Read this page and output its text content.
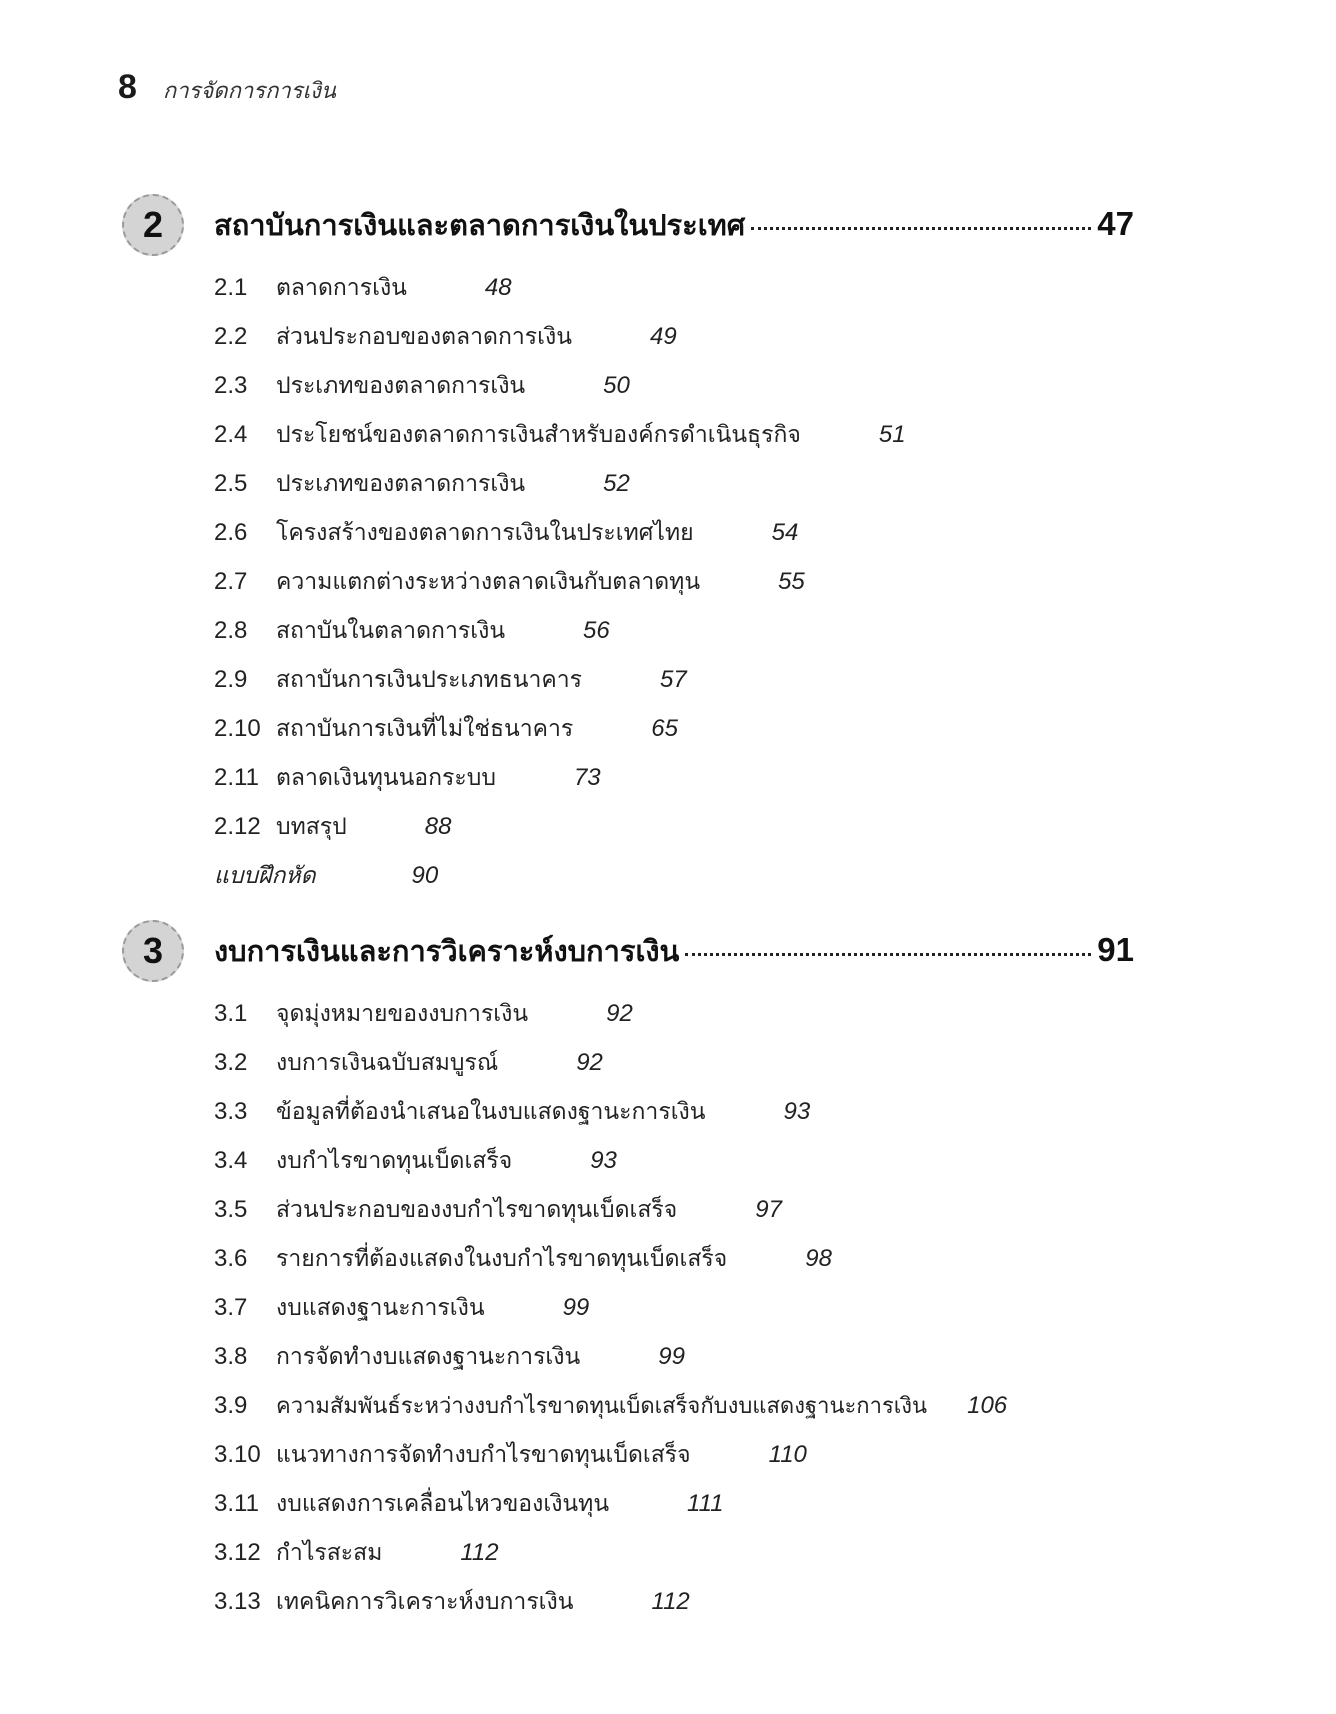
8 การจัดการการเงิน
2	สถาบันการเงินและตลาดการเงินในประเทศ	47
2.1	ตลาดการเงิน	48
2.2	ส่วนประกอบของตลาดการเงิน	49
2.3	ประเภทของตลาดการเงิน	50
2.4	ประโยชน์ของตลาดการเงินสำหรับองค์กรดำเนินธุรกิจ	51
2.5	ประเภทของตลาดการเงิน	52
2.6	โครงสร้างของตลาดการเงินในประเทศไทย	54
2.7	ความแตกต่างระหว่างตลาดเงินกับตลาดทุน	55
2.8	สถาบันในตลาดการเงิน	56
2.9	สถาบันการเงินประเภทธนาคาร	57
2.10 สถาบันการเงินที่ไม่ใช่ธนาคาร	65
2.11 ตลาดเงินทุนนอกระบบ	73
2.12 บทสรุป	88
แบบฝึกหัด	90
3	งบการเงินและการวิเคราะห์งบการเงิน	91
3.1	จุดมุ่งหมายของงบการเงิน	92
3.2	งบการเงินฉบับสมบูรณ์	92
3.3	ข้อมูลที่ต้องนำเสนอในงบแสดงฐานะการเงิน	93
3.4	งบกำไรขาดทุนเบ็ดเสร็จ	93
3.5	ส่วนประกอบของงบกำไรขาดทุนเบ็ดเสร็จ	97
3.6	รายการที่ต้องแสดงในงบกำไรขาดทุนเบ็ดเสร็จ	98
3.7	งบแสดงฐานะการเงิน	99
3.8	การจัดทำงบแสดงฐานะการเงิน	99
3.9	ความสัมพันธ์ระหว่างงบกำไรขาดทุนเบ็ดเสร็จกับงบแสดงฐานะการเงิน 106
3.10 แนวทางการจัดทำงบกำไรขาดทุนเบ็ดเสร็จ	110
3.11 งบแสดงการเคลื่อนไหวของเงินทุน	111
3.12 กำไรสะสม	112
3.13 เทคนิคการวิเคราะห์งบการเงิน	112
